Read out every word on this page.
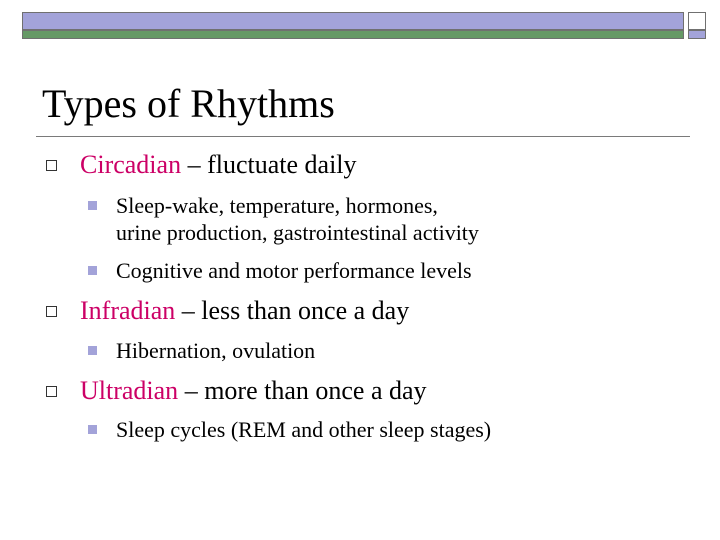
Types of Rhythms
Circadian – fluctuate daily
Sleep-wake, temperature, hormones,
urine production, gastrointestinal activity
Cognitive and motor performance levels
Infradian – less than once a day
Hibernation, ovulation
Ultradian – more than once a day
Sleep cycles (REM and other sleep stages)
